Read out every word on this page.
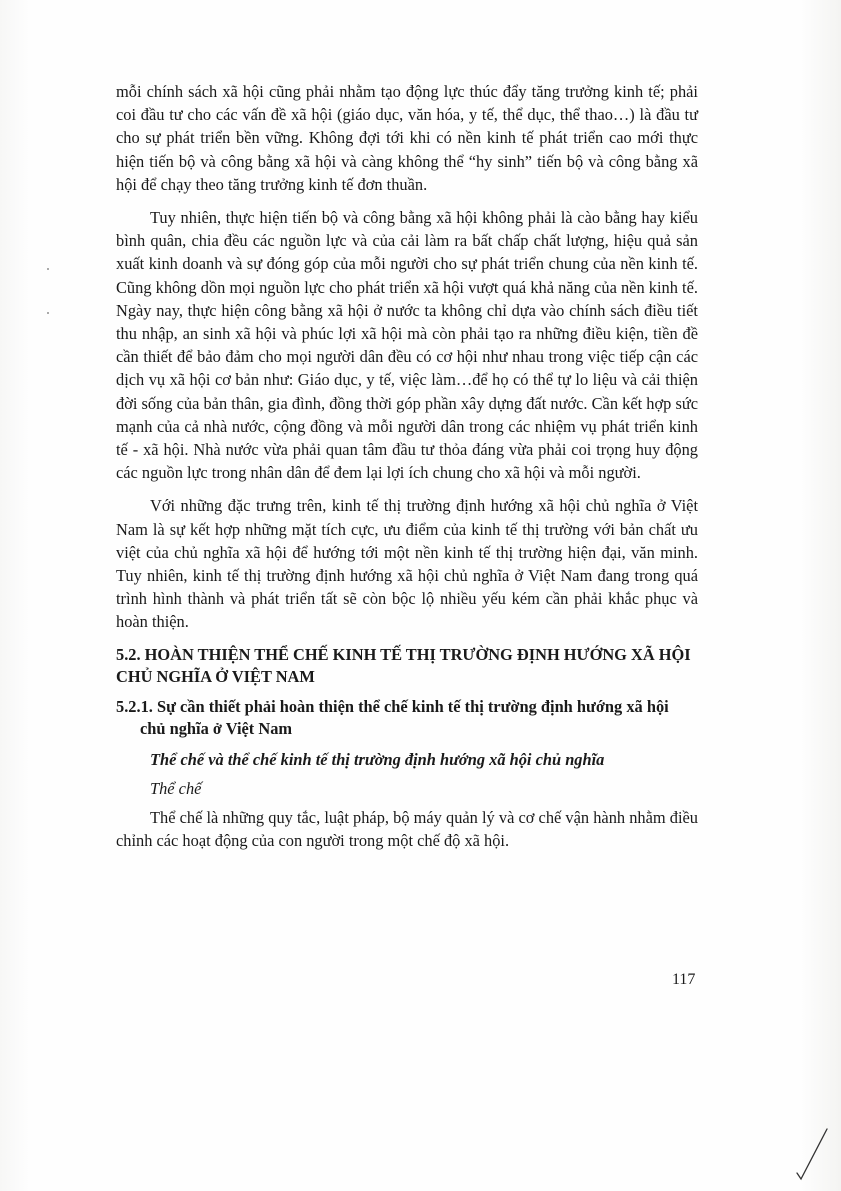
mỗi chính sách xã hội cũng phải nhằm tạo động lực thúc đẩy tăng trưởng kinh tế; phải coi đầu tư cho các vấn đề xã hội (giáo dục, văn hóa, y tế, thể dục, thể thao…) là đầu tư cho sự phát triển bền vững. Không đợi tới khi có nền kinh tế phát triển cao mới thực hiện tiến bộ và công bằng xã hội và càng không thể “hy sinh” tiến bộ và công bằng xã hội để chạy theo tăng trưởng kinh tế đơn thuần.

Tuy nhiên, thực hiện tiến bộ và công bằng xã hội không phải là cào bằng hay kiểu bình quân, chia đều các nguồn lực và của cải làm ra bất chấp chất lượng, hiệu quả sản xuất kinh doanh và sự đóng góp của mỗi người cho sự phát triển chung của nền kinh tế. Cũng không dồn mọi nguồn lực cho phát triển xã hội vượt quá khả năng của nền kinh tế. Ngày nay, thực hiện công bằng xã hội ở nước ta không chỉ dựa vào chính sách điều tiết thu nhập, an sinh xã hội và phúc lợi xã hội mà còn phải tạo ra những điều kiện, tiền đề cần thiết để bảo đảm cho mọi người dân đều có cơ hội như nhau trong việc tiếp cận các dịch vụ xã hội cơ bản như: Giáo dục, y tế, việc làm…để họ có thể tự lo liệu và cải thiện đời sống của bản thân, gia đình, đồng thời góp phần xây dựng đất nước. Cần kết hợp sức mạnh của cả nhà nước, cộng đồng và mỗi người dân trong các nhiệm vụ phát triển kinh tế - xã hội. Nhà nước vừa phải quan tâm đầu tư thỏa đáng vừa phải coi trọng huy động các nguồn lực trong nhân dân để đem lại lợi ích chung cho xã hội và mỗi người.

Với những đặc trưng trên, kinh tế thị trường định hướng xã hội chủ nghĩa ở Việt Nam là sự kết hợp những mặt tích cực, ưu điểm của kinh tế thị trường với bản chất ưu việt của chủ nghĩa xã hội để hướng tới một nền kinh tế thị trường hiện đại, văn minh. Tuy nhiên, kinh tế thị trường định hướng xã hội chủ nghĩa ở Việt Nam đang trong quá trình hình thành và phát triển tất sẽ còn bộc lộ nhiều yếu kém cần phải khắc phục và hoàn thiện.

5.2. HOÀN THIỆN THỂ CHẾ KINH TẾ THỊ TRƯỜNG ĐỊNH HƯỚNG XÃ HỘI CHỦ NGHĨA Ở VIỆT NAM
5.2.1. Sự cần thiết phải hoàn thiện thể chế kinh tế thị trường định hướng xã hội chủ nghĩa ở Việt Nam
Thể chế và thể chế kinh tế thị trường định hướng xã hội chủ nghĩa
Thể chế

Thể chế là những quy tắc, luật pháp, bộ máy quản lý và cơ chế vận hành nhằm điều chỉnh các hoạt động của con người trong một chế độ xã hội.

117
